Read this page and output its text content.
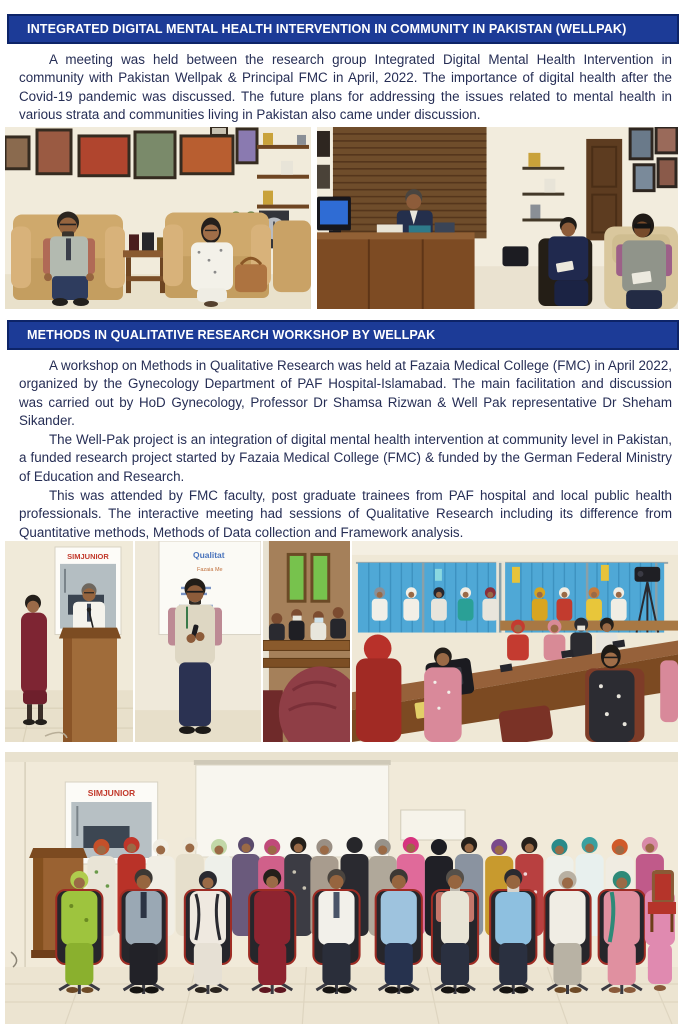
INTEGRATED DIGITAL MENTAL HEALTH INTERVENTION IN COMMUNITY IN PAKISTAN (WELLPAK)

A meeting was held between the research group Integrated Digital Mental Health Intervention in community with Pakistan Wellpak & Principal FMC in April, 2022. The importance of digital health after the Covid-19 pandemic was discussed. The future plans for addressing the issues related to mental health in various strata and communities living in Pakistan also came under discussion.

METHODS IN QUALITATIVE RESEARCH WORKSHOP BY WELLPAK

A workshop on Methods in Qualitative Research was held at Fazaia Medical College (FMC) in April 2022, organized by the Gynecology Department of PAF Hospital-Islamabad. The main facilitation and discussion was carried out by HoD Gynecology, Professor Dr Shamsa Rizwan & Well Pak representative Dr Sheham Sikander.

The Well-Pak project is an integration of digital mental health intervention at community level in Pakistan, a funded research project started by Fazaia Medical College (FMC) & funded by the German Federal Ministry of Education and Research.

This was attended by FMC faculty, post graduate trainees from PAF hospital and local public health professionals. The interactive meeting had sessions of Qualitative Research including its difference from Quantitative methods, Methods of Data collection and Framework analysis.

SIMJUNIOR	Qualitat
Fazaia Me
SIMJUNIOR
